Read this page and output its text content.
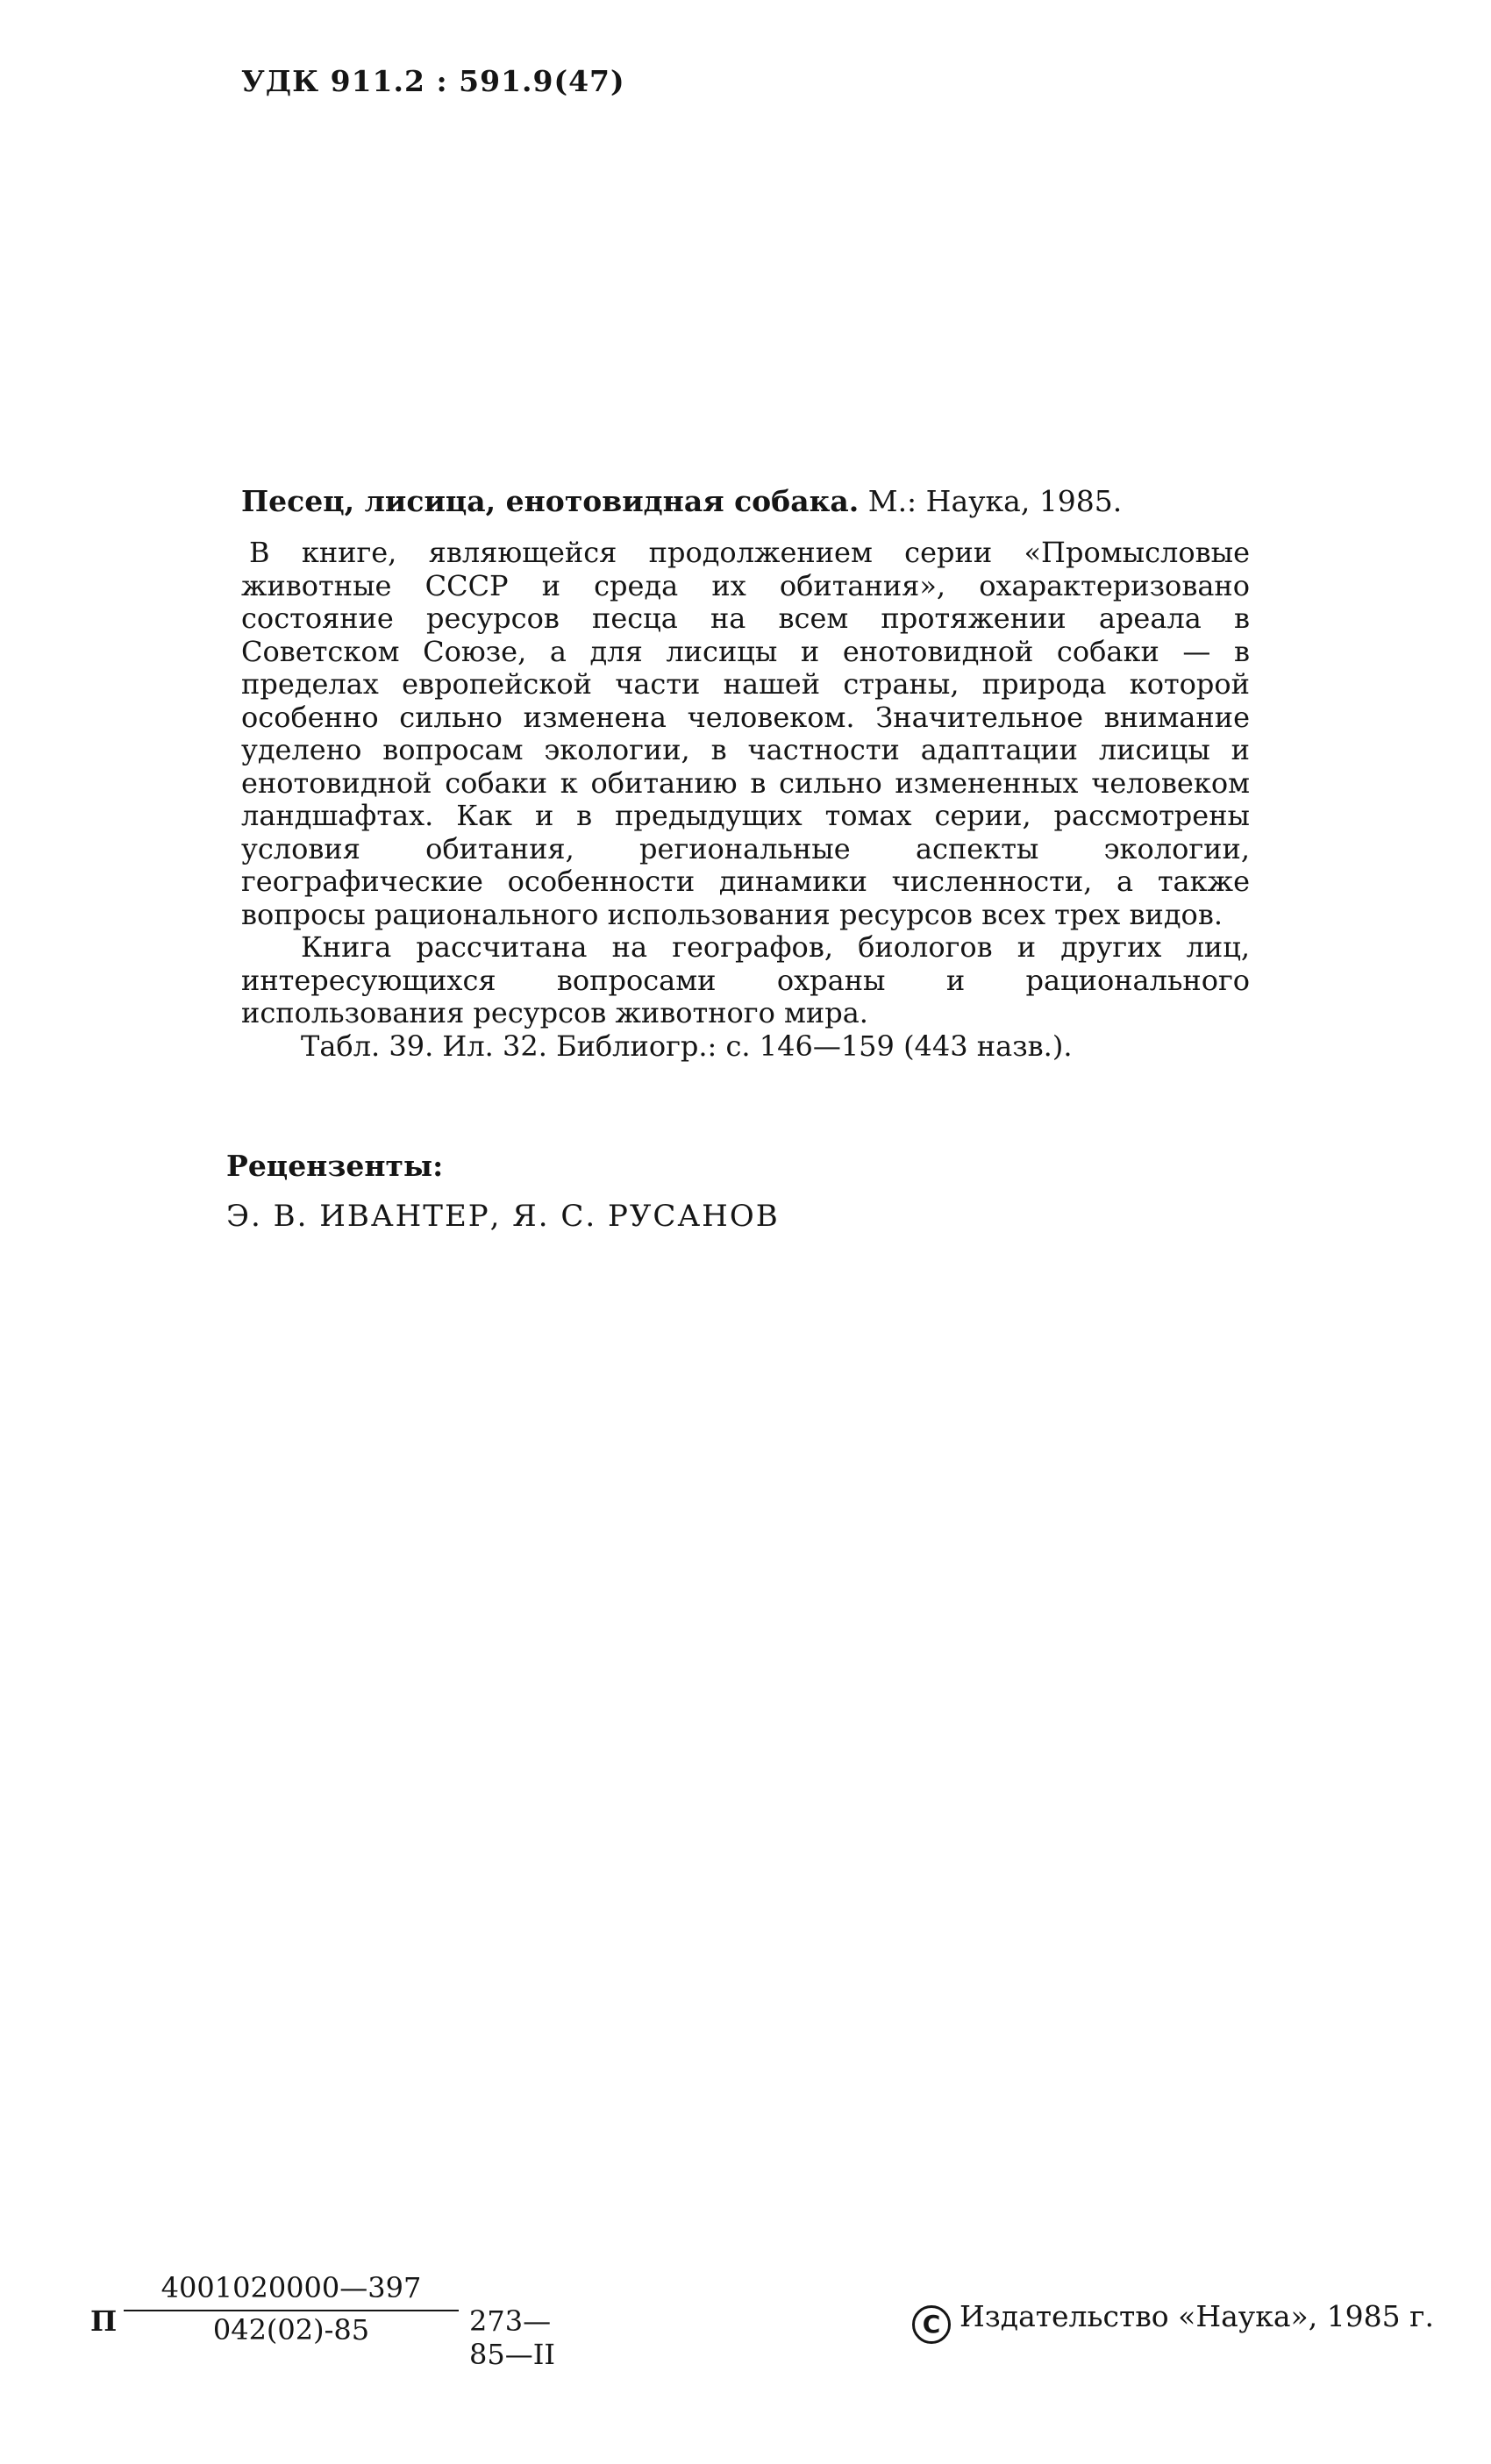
УДК 911.2 : 591.9(47)

Песец, лисица, енотовидная собака. М.: Наука, 1985.

В книге, являющейся продолжением серии «Промысловые животные СССР и среда их обитания», охарактеризовано состояние ресурсов песца на всем протяжении ареала в Советском Союзе, а для лисицы и енотовидной собаки — в пределах европейской части нашей страны, природа которой особенно сильно изменена человеком. Значительное внимание уделено вопросам экологии, в частности адаптации лисицы и енотовидной собаки к обитанию в сильно измененных человеком ландшафтах. Как и в предыдущих томах серии, рассмотрены условия обитания, региональные аспекты экологии, географические особенности динамики численности, а также вопросы рационального использования ресурсов всех трех видов.

Книга рассчитана на географов, биологов и других лиц, интересующихся вопросами охраны и рационального использования ресурсов животного мира.

Табл. 39. Ил. 32. Библиогр.: с. 146—159 (443 назв.).

Рецензенты:
Э. В. ИВАНТЕР, Я. С. РУСАНОВ
П
4001020000—397
042(02)-85	273—85—II
C Издательство «Наука», 1985 г.
